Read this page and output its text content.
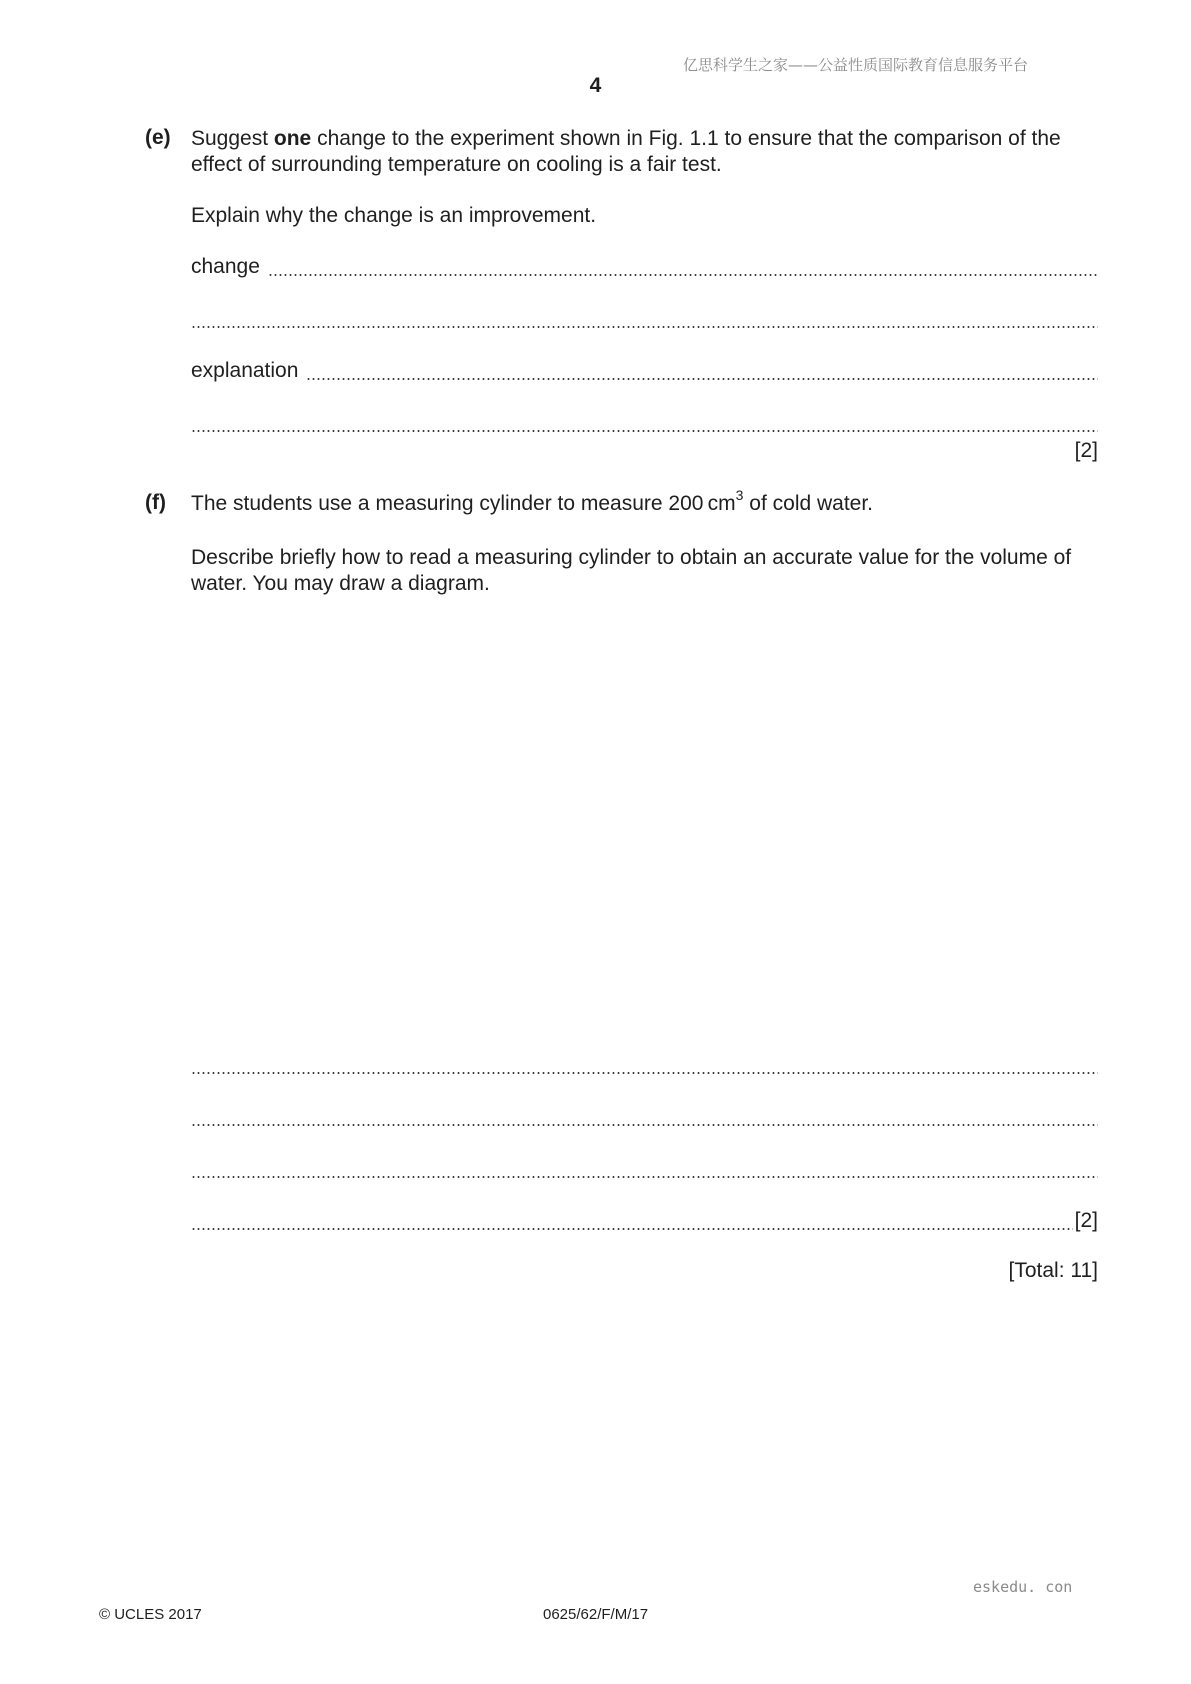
亿思科学生之家——公益性质国际教育信息服务平台
4
(e) Suggest one change to the experiment shown in Fig. 1.1 to ensure that the comparison of the effect of surrounding temperature on cooling is a fair test.
Explain why the change is an improvement.
change
explanation
[2]
(f) The students use a measuring cylinder to measure 200 $cm^3$ of cold water.
Describe briefly how to read a measuring cylinder to obtain an accurate value for the volume of water. You may draw a diagram.
[2]
[Total: 11]
eskedu. con
© UCLES 2017	0625/62/F/M/17
